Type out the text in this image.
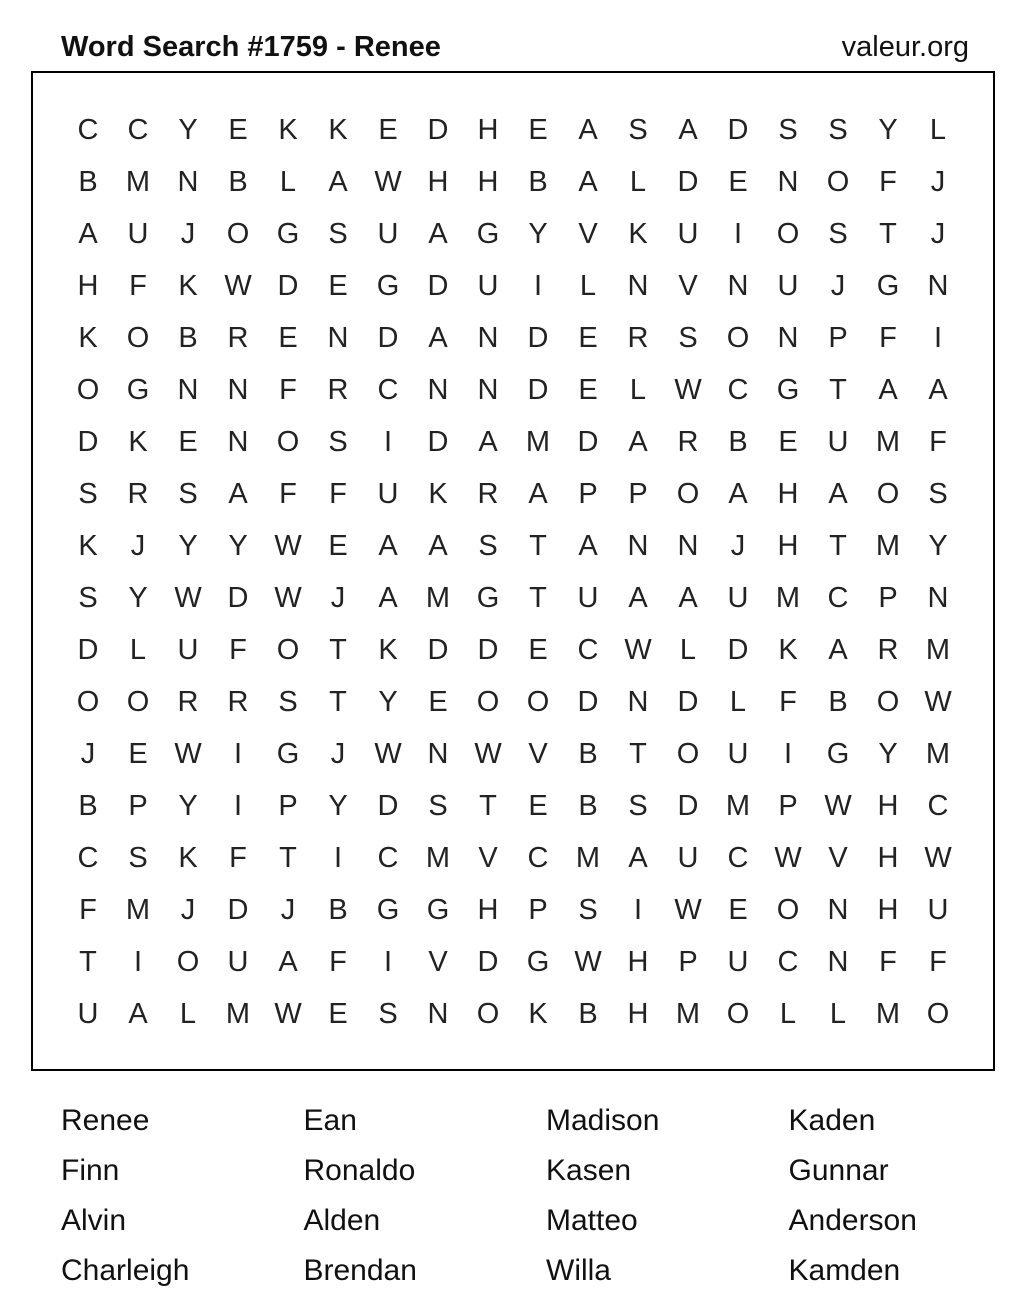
Word Search #1759 - Renee	valeur.org
C	C	Y	E	K	K	E	D	H	E	A	S	A	D	S	S	Y	L
B M N	B	L	A W H	H	B	A	L	D	E	N O	F	J
A	U	J	O G	S	U	A	G	Y	V	K	U	I	O	S	T	J
H	F	K W D	E	G D	U	I	L	N	V	N	U	J	G N
K	O	B	R	E	N	D	A	N	D	E	R	S	O N	P	F	I
O G N	N	F	R	C	N	N	D	E	L W C G	T	A	A
D	K	E	N O	S	I	D	A M D	A	R	B	E	U M	F
S	R	S	A	F	F	U	K	R	A	P	P	O	A	H	A	O	S
K	J	Y	Y W E	A	A	S	T	A	N	N	J	H	T	M Y
S	Y W D W	J	A M G	T	U	A	A	U M C	P	N
D	L	U	F	O	T	K	D	D	E	C W L	D	K	A	R M
O O R	R	S	T	Y	E	O O D	N	D	L	F	B	O W
J	E W	I	G	J	W N W V	B	T	O U	I	G	Y M
B	P	Y	I	P	Y	D	S	T	E	B	S	D M P W H	C
C	S	K	F	T	I	C M V	C M A	U	C W V	H W
F	M	J	D	J	B	G G H	P	S	I	W E	O N	H	U
T	I	O U	A	F	I	V	D G W H	P	U	C	N	F	F
U	A	L	M W E	S	N O	K	B	H M O	L	L	M O
Renee
Finn
Alvin
Charleigh
Ean
Ronaldo
Alden
Brendan
Madison
Kasen
Matteo
Willa
Kaden
Gunnar
Anderson
Kamden
